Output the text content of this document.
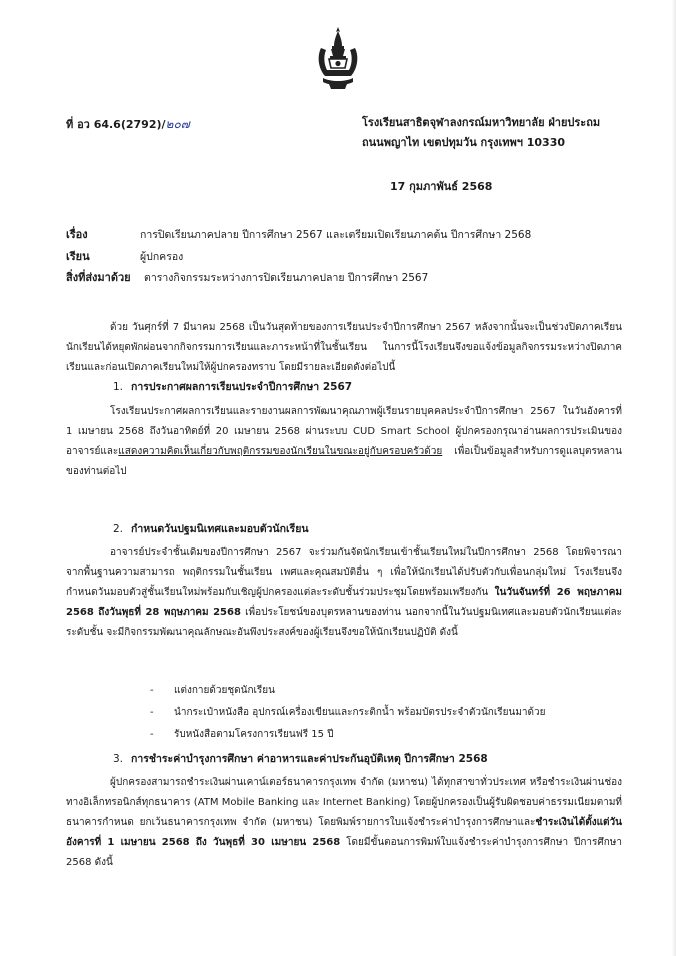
ที่ อว 64.6(2792)/๒๐๗	โรงเรียนสาธิตจุฬาลงกรณ์มหาวิทยาลัย ฝ่ายประถม
ถนนพญาไท เขตปทุมวัน กรุงเทพฯ 10330
17 กุมภาพันธ์ 2568
เรื่อง	การปิดเรียนภาคปลาย ปีการศึกษา 2567 และเตรียมเปิดเรียนภาคต้น ปีการศึกษา 2568
เรียน	ผู้ปกครอง
สิ่งที่ส่งมาด้วย ตารางกิจกรรมระหว่างการปิดเรียนภาคปลาย ปีการศึกษา 2567
ด้วย วันศุกร์ที่ 7 มีนาคม 2568 เป็นวันสุดท้ายของการเรียนประจำปีการศึกษา 2567 หลังจากนั้นจะเป็นช่วงปิดภาคเรียน นักเรียนได้หยุดพักผ่อนจากกิจกรรมการเรียนและภาระหน้าที่ในชั้นเรียน ในการนี้โรงเรียนจึงขอแจ้งข้อมูลกิจกรรมระหว่างปิดภาคเรียนและก่อนเปิดภาคเรียนใหม่ให้ผู้ปกครองทราบ โดยมีรายละเอียดดังต่อไปนี้
1. การประกาศผลการเรียนประจำปีการศึกษา 2567
โรงเรียนประกาศผลการเรียนและรายงานผลการพัฒนาคุณภาพผู้เรียนรายบุคคลประจำปีการศึกษา 2567 ในวันอังคารที่ 1 เมษายน 2568 ถึงวันอาทิตย์ที่ 20 เมษายน 2568 ผ่านระบบ CUD Smart School ผู้ปกครองกรุณาอ่านผลการประเมินของอาจารย์และแสดงความคิดเห็นเกี่ยวกับพฤติกรรมของนักเรียนในขณะอยู่กับครอบครัวด้วย เพื่อเป็นข้อมูลสำหรับการดูแลบุตรหลานของท่านต่อไป
2. กำหนดวันปฐมนิเทศและมอบตัวนักเรียน
อาจารย์ประจำชั้นเดิมของปีการศึกษา 2567 จะร่วมกันจัดนักเรียนเข้าชั้นเรียนใหม่ในปีการศึกษา 2568 โดยพิจารณาจากพื้นฐานความสามารถ พฤติกรรมในชั้นเรียน เพศและคุณสมบัติอื่น ๆ เพื่อให้นักเรียนได้ปรับตัวกับเพื่อนกลุ่มใหม่ โรงเรียนจึงกำหนดวันมอบตัวสู่ชั้นเรียนใหม่พร้อมกับเชิญผู้ปกครองแต่ละระดับชั้นร่วมประชุมโดยพร้อมเพรียงกัน ในวันจันทร์ที่ 26 พฤษภาคม 2568 ถึงวันพุธที่ 28 พฤษภาคม 2568 เพื่อประโยชน์ของบุตรหลานของท่าน นอกจากนี้ในวันปฐมนิเทศและมอบตัวนักเรียนแต่ละระดับชั้น จะมีกิจกรรมพัฒนาคุณลักษณะอันพึงประสงค์ของผู้เรียนจึงขอให้นักเรียนปฏิบัติ ดังนี้
- แต่งกายด้วยชุดนักเรียน
- นำกระเป๋าหนังสือ อุปกรณ์เครื่องเขียนและกระติกน้ำ พร้อมบัตรประจำตัวนักเรียนมาด้วย
- รับหนังสือตามโครงการเรียนฟรี 15 ปี
3. การชำระค่าบำรุงการศึกษา ค่าอาหารและค่าประกันอุบัติเหตุ ปีการศึกษา 2568
ผู้ปกครองสามารถชำระเงินผ่านเคาน์เตอร์ธนาคารกรุงเทพ จำกัด (มหาชน) ได้ทุกสาขาทั่วประเทศ หรือชำระเงินผ่านช่องทางอิเล็กทรอนิกส์ทุกธนาคาร (ATM Mobile Banking และ Internet Banking) โดยผู้ปกครองเป็นผู้รับผิดชอบค่าธรรมเนียมตามที่ธนาคารกำหนด ยกเว้นธนาคารกรุงเทพ จำกัด (มหาชน) โดยพิมพ์รายการใบแจ้งชำระค่าบำรุงการศึกษาและชำระเงินได้ตั้งแต่วันอังคารที่ 1 เมษายน 2568 ถึง วันพุธที่ 30 เมษายน 2568 โดยมีขั้นตอนการพิมพ์ใบแจ้งชำระค่าบำรุงการศึกษา ปีการศึกษา 2568 ดังนี้
